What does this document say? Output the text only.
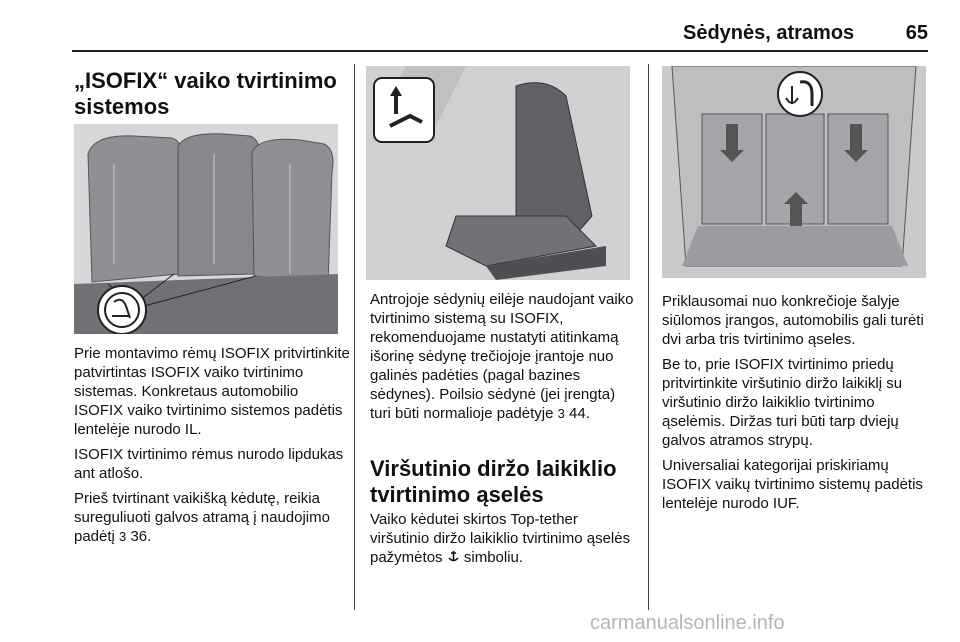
Sėdynės, atramos	65
„ISOFIX“ vaiko tvirtinimo sistemos

Prie montavimo rėmų ISOFIX pritvirtinkite patvirtintas ISOFIX vaiko tvirtinimo sistemas. Konkretaus automobilio ISOFIX vaiko tvirtinimo sistemos padėtis lentelėje nurodo IL.

ISOFIX tvirtinimo rėmus nurodo lipdukas ant atlošo.

Prieš tvirtinant vaikišką kėdutę, reikia sureguliuoti galvos atramą į naudojimo padėtį 3 36.

Antrojoje sėdynių eilėje naudojant vaiko tvirtinimo sistemą su ISOFIX, rekomenduojame nustatyti atitinkamą išorinę sėdynę trečiojoje įrantoje nuo galinės padėties (pagal bazines sėdynes). Poilsio sėdynė (jei įrengta) turi būti normalioje padėtyje 3 44.

Viršutinio diržo laikiklio tvirtinimo ąselės

Vaiko kėdutei skirtos Top-tether viršutinio diržo laikiklio tvirtinimo ąselės pažymėtos  simboliu.

Priklausomai nuo konkrečioje šalyje siūlomos įrangos, automobilis gali turėti dvi arba tris tvirtinimo ąseles.

Be to, prie ISOFIX tvirtinimo priedų pritvirtinkite viršutinio diržo laikiklį su viršutinio diržo laikiklio tvirtinimo ąselėmis. Diržas turi būti tarp dviejų galvos atramos strypų.

Universaliai kategorijai priskiriamų ISOFIX vaikų tvirtinimo sistemų padėtis lentelėje nurodo IUF.

carmanualsonline.info
